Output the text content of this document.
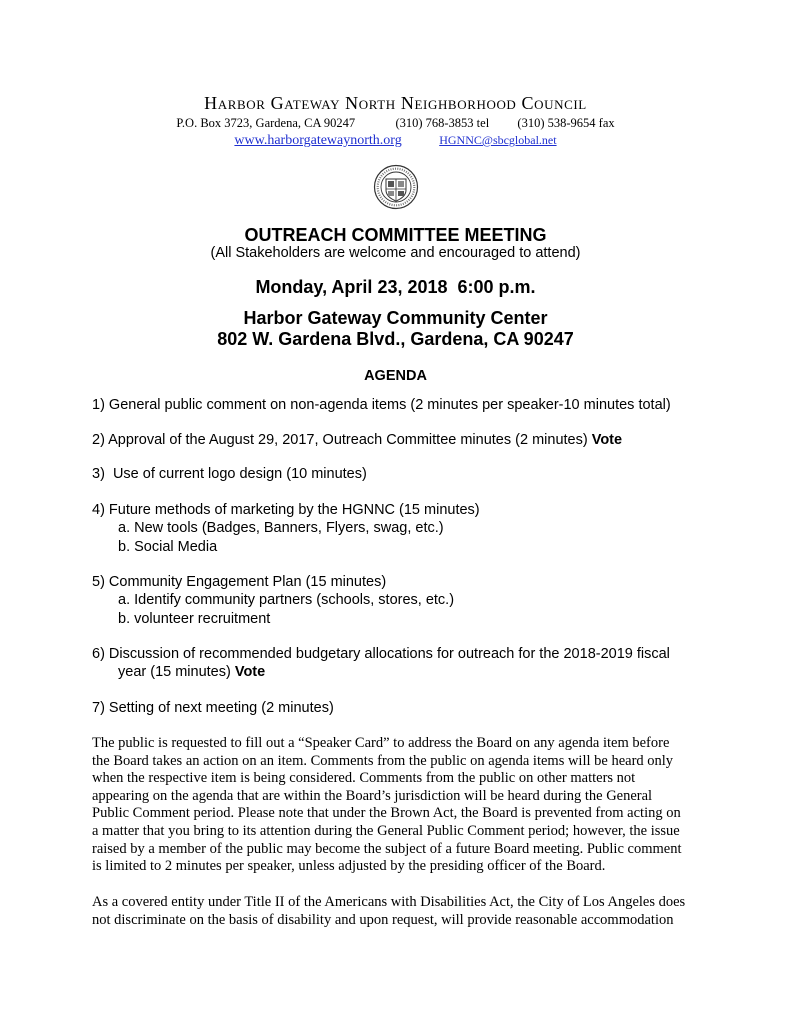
Harbor Gateway North Neighborhood Council
P.O. Box 3723, Gardena, CA 90247	(310) 768-3853 tel (310) 538-9654 fax
www.harborgatewaynorth.org	HGNNC@sbcglobal.net
OUTREACH COMMITTEE MEETING
(All Stakeholders are welcome and encouraged to attend)
Monday, April 23, 2018  6:00 p.m.
Harbor Gateway Community Center
802 W. Gardena Blvd., Gardena, CA 90247
AGENDA
1) General public comment on non-agenda items (2 minutes per speaker-10 minutes total)
2) Approval of the August 29, 2017, Outreach Committee minutes (2 minutes) Vote
3)  Use of current logo design (10 minutes)
4) Future methods of marketing by the HGNNC (15 minutes)
a. New tools (Badges, Banners, Flyers, swag, etc.)
b. Social Media
5) Community Engagement Plan (15 minutes)
a. Identify community partners (schools, stores, etc.)
b. volunteer recruitment
6) Discussion of recommended budgetary allocations for outreach for the 2018-2019 fiscal
year (15 minutes) Vote
7) Setting of next meeting (2 minutes)
The public is requested to fill out a “Speaker Card” to address the Board on any agenda item before
the Board takes an action on an item. Comments from the public on agenda items will be heard only
when the respective item is being considered. Comments from the public on other matters not
appearing on the agenda that are within the Board’s jurisdiction will be heard during the General
Public Comment period. Please note that under the Brown Act, the Board is prevented from acting on
a matter that you bring to its attention during the General Public Comment period; however, the issue
raised by a member of the public may become the subject of a future Board meeting. Public comment
is limited to 2 minutes per speaker, unless adjusted by the presiding officer of the Board.
As a covered entity under Title II of the Americans with Disabilities Act, the City of Los Angeles does
not discriminate on the basis of disability and upon request, will provide reasonable accommodation
